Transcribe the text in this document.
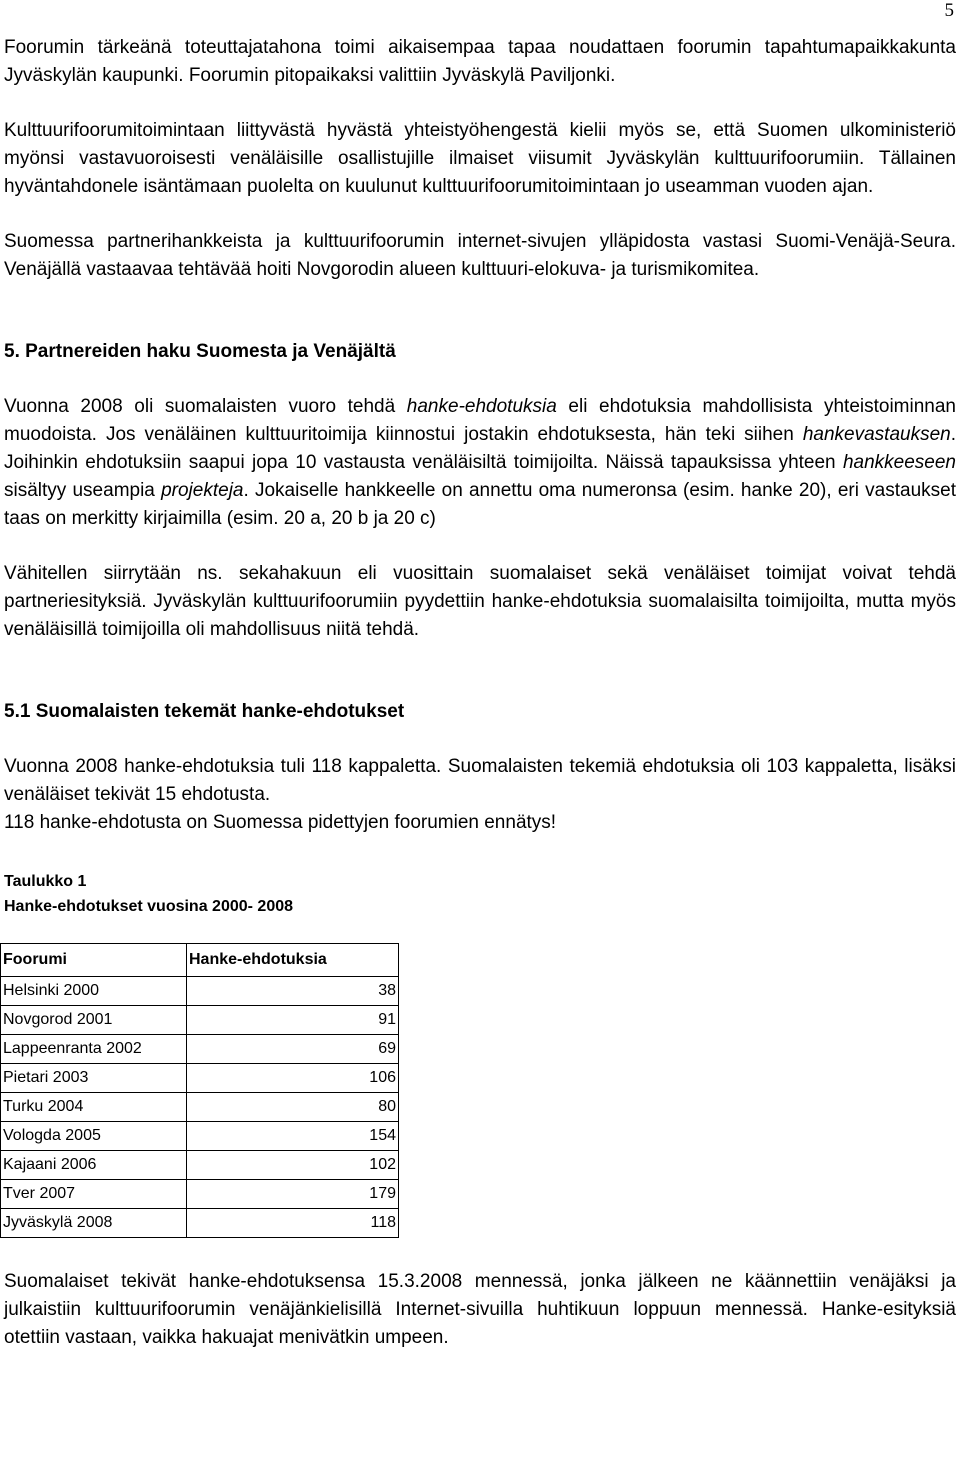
5

Foorumin tärkeänä toteuttajatahona toimi aikaisempaa tapaa noudattaen foorumin tapahtumapaikkakunta Jyväskylän kaupunki. Foorumin pitopaikaksi valittiin Jyväskylä Paviljonki.

Kulttuurifoorumitoimintaan liittyvästä hyvästä yhteistyöhengestä kielii myös se, että Suomen ulkoministeriö myönsi vastavuoroisesti venäläisille osallistujille ilmaiset viisumit Jyväskylän kulttuurifoorumiin. Tällainen hyväntahdonele isäntämaan puolelta on kuulunut kulttuurifoorumitoimintaan jo useamman vuoden ajan.

Suomessa partnerihankkeista ja kulttuurifoorumin internet-sivujen ylläpidosta vastasi Suomi-Venäjä-Seura. Venäjällä vastaavaa tehtävää hoiti Novgorodin alueen kulttuuri-elokuva- ja turismikomitea.

5. Partnereiden haku Suomesta ja Venäjältä

Vuonna 2008 oli suomalaisten vuoro tehdä hanke-ehdotuksia eli ehdotuksia mahdollisista yhteistoiminnan muodoista. Jos venäläinen kulttuuritoimija kiinnostui jostakin ehdotuksesta, hän teki siihen hankevastauksen. Joihinkin ehdotuksiin saapui jopa 10 vastausta venäläisiltä toimijoilta. Näissä tapauksissa yhteen hankkeeseen sisältyy useampia projekteja. Jokaiselle hankkeelle on annettu oma numeronsa (esim. hanke 20), eri vastaukset taas on merkitty kirjaimilla (esim. 20 a, 20 b ja 20 c)

Vähitellen siirrytään ns. sekahakuun eli vuosittain suomalaiset sekä venäläiset toimijat voivat tehdä partneriesityksiä. Jyväskylän kulttuurifoorumiin pyydettiin hanke-ehdotuksia suomalaisilta toimijoilta, mutta myös venäläisillä toimijoilla oli mahdollisuus niitä tehdä.

5.1 Suomalaisten tekemät hanke-ehdotukset

Vuonna 2008 hanke-ehdotuksia tuli 118 kappaletta. Suomalaisten tekemiä ehdotuksia oli 103 kappaletta, lisäksi venäläiset tekivät 15 ehdotusta.

118 hanke-ehdotusta on Suomessa pidettyjen foorumien ennätys!

Taulukko 1
Hanke-ehdotukset vuosina 2000- 2008
Foorumi	Hanke-ehdotuksia
Helsinki 2000	38
Novgorod 2001	91
Lappeenranta 2002	69
Pietari 2003	106
Turku 2004	80
Vologda 2005	154
Kajaani 2006	102
Tver 2007	179
Jyväskylä 2008	118

Suomalaiset tekivät hanke-ehdotuksensa 15.3.2008 mennessä, jonka jälkeen ne käännettiin venäjäksi ja julkaistiin kulttuurifoorumin venäjänkielisillä Internet-sivuilla huhtikuun loppuun mennessä. Hanke-esityksiä otettiin vastaan, vaikka hakuajat menivätkin umpeen.
